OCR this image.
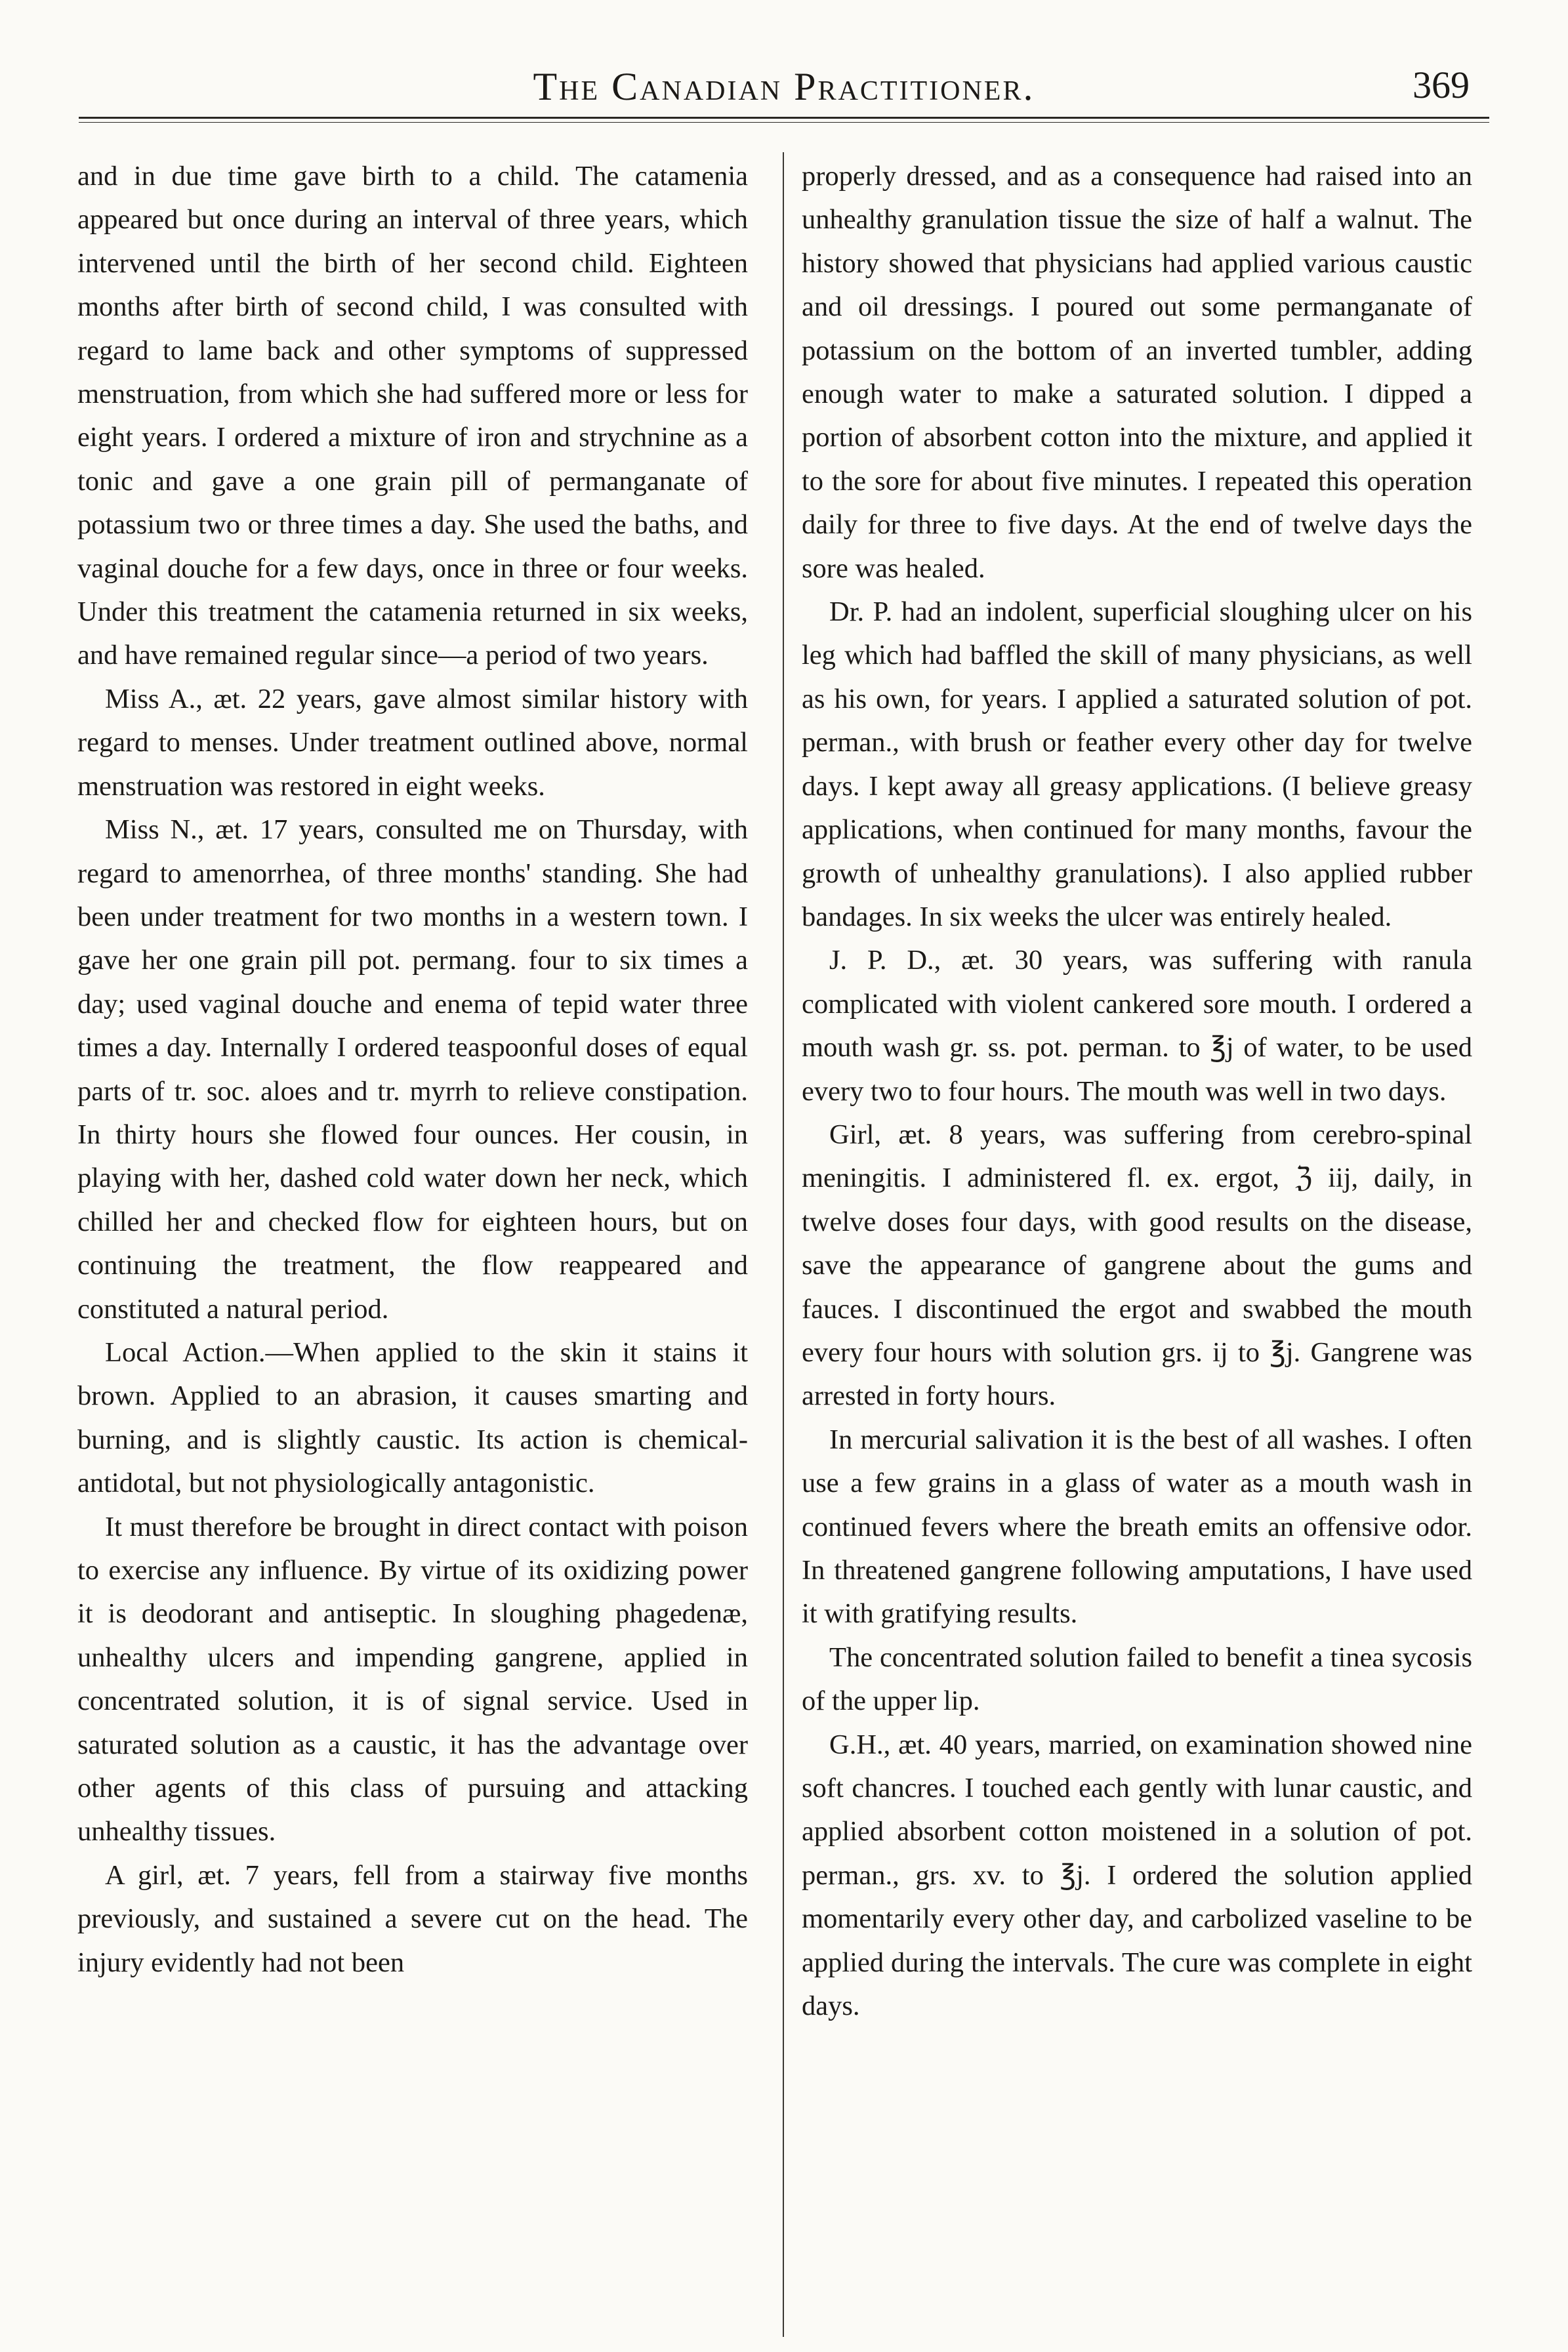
The Canadian Practitioner.	369

and in due time gave birth to a child. The catamenia appeared but once during an interval of three years, which intervened until the birth of her second child. Eighteen months after birth of second child, I was consulted with regard to lame back and other symptoms of suppressed menstruation, from which she had suffered more or less for eight years. I ordered a mixture of iron and strychnine as a tonic and gave a one grain pill of permanganate of potassium two or three times a day. She used the baths, and vaginal douche for a few days, once in three or four weeks. Under this treatment the catamenia returned in six weeks, and have remained regular since—a period of two years.

Miss A., æt. 22 years, gave almost similar history with regard to menses. Under treatment outlined above, normal menstruation was restored in eight weeks.

Miss N., æt. 17 years, consulted me on Thursday, with regard to amenorrhea, of three months' standing. She had been under treatment for two months in a western town. I gave her one grain pill pot. permang. four to six times a day; used vaginal douche and enema of tepid water three times a day. Internally I ordered teaspoonful doses of equal parts of tr. soc. aloes and tr. myrrh to relieve constipation. In thirty hours she flowed four ounces. Her cousin, in playing with her, dashed cold water down her neck, which chilled her and checked flow for eighteen hours, but on continuing the treatment, the flow reappeared and constituted a natural period.

Local Action.—When applied to the skin it stains it brown. Applied to an abrasion, it causes smarting and burning, and is slightly caustic. Its action is chemical-antidotal, but not physiologically antagonistic.

It must therefore be brought in direct contact with poison to exercise any influence. By virtue of its oxidizing power it is deodorant and antiseptic. In sloughing phagedenæ, unhealthy ulcers and impending gangrene, applied in concentrated solution, it is of signal service. Used in saturated solution as a caustic, it has the advantage over other agents of this class of pursuing and attacking unhealthy tissues.

A girl, æt. 7 years, fell from a stairway five months previously, and sustained a severe cut on the head. The injury evidently had not been

properly dressed, and as a consequence had raised into an unhealthy granulation tissue the size of half a walnut. The history showed that physicians had applied various caustic and oil dressings. I poured out some permanganate of potassium on the bottom of an inverted tumbler, adding enough water to make a saturated solution. I dipped a portion of absorbent cotton into the mixture, and applied it to the sore for about five minutes. I repeated this operation daily for three to five days. At the end of twelve days the sore was healed.

Dr. P. had an indolent, superficial sloughing ulcer on his leg which had baffled the skill of many physicians, as well as his own, for years. I applied a saturated solution of pot. perman., with brush or feather every other day for twelve days. I kept away all greasy applications. (I believe greasy applications, when continued for many months, favour the growth of unhealthy granulations). I also applied rubber bandages. In six weeks the ulcer was entirely healed.

J. P. D., æt. 30 years, was suffering with ranula complicated with violent cankered sore mouth. I ordered a mouth wash gr. ss. pot. perman. to ℥j of water, to be used every two to four hours. The mouth was well in two days.

Girl, æt. 8 years, was suffering from cerebro-spinal meningitis. I administered fl. ex. ergot, ℨ iij, daily, in twelve doses four days, with good results on the disease, save the appearance of gangrene about the gums and fauces. I discontinued the ergot and swabbed the mouth every four hours with solution grs. ij to ℥j. Gangrene was arrested in forty hours.

In mercurial salivation it is the best of all washes. I often use a few grains in a glass of water as a mouth wash in continued fevers where the breath emits an offensive odor. In threatened gangrene following amputations, I have used it with gratifying results.

The concentrated solution failed to benefit a tinea sycosis of the upper lip.

G.H., æt. 40 years, married, on examination showed nine soft chancres. I touched each gently with lunar caustic, and applied absorbent cotton moistened in a solution of pot. perman., grs. xv. to ℥j. I ordered the solution applied momentarily every other day, and carbolized vaseline to be applied during the intervals. The cure was complete in eight days.
